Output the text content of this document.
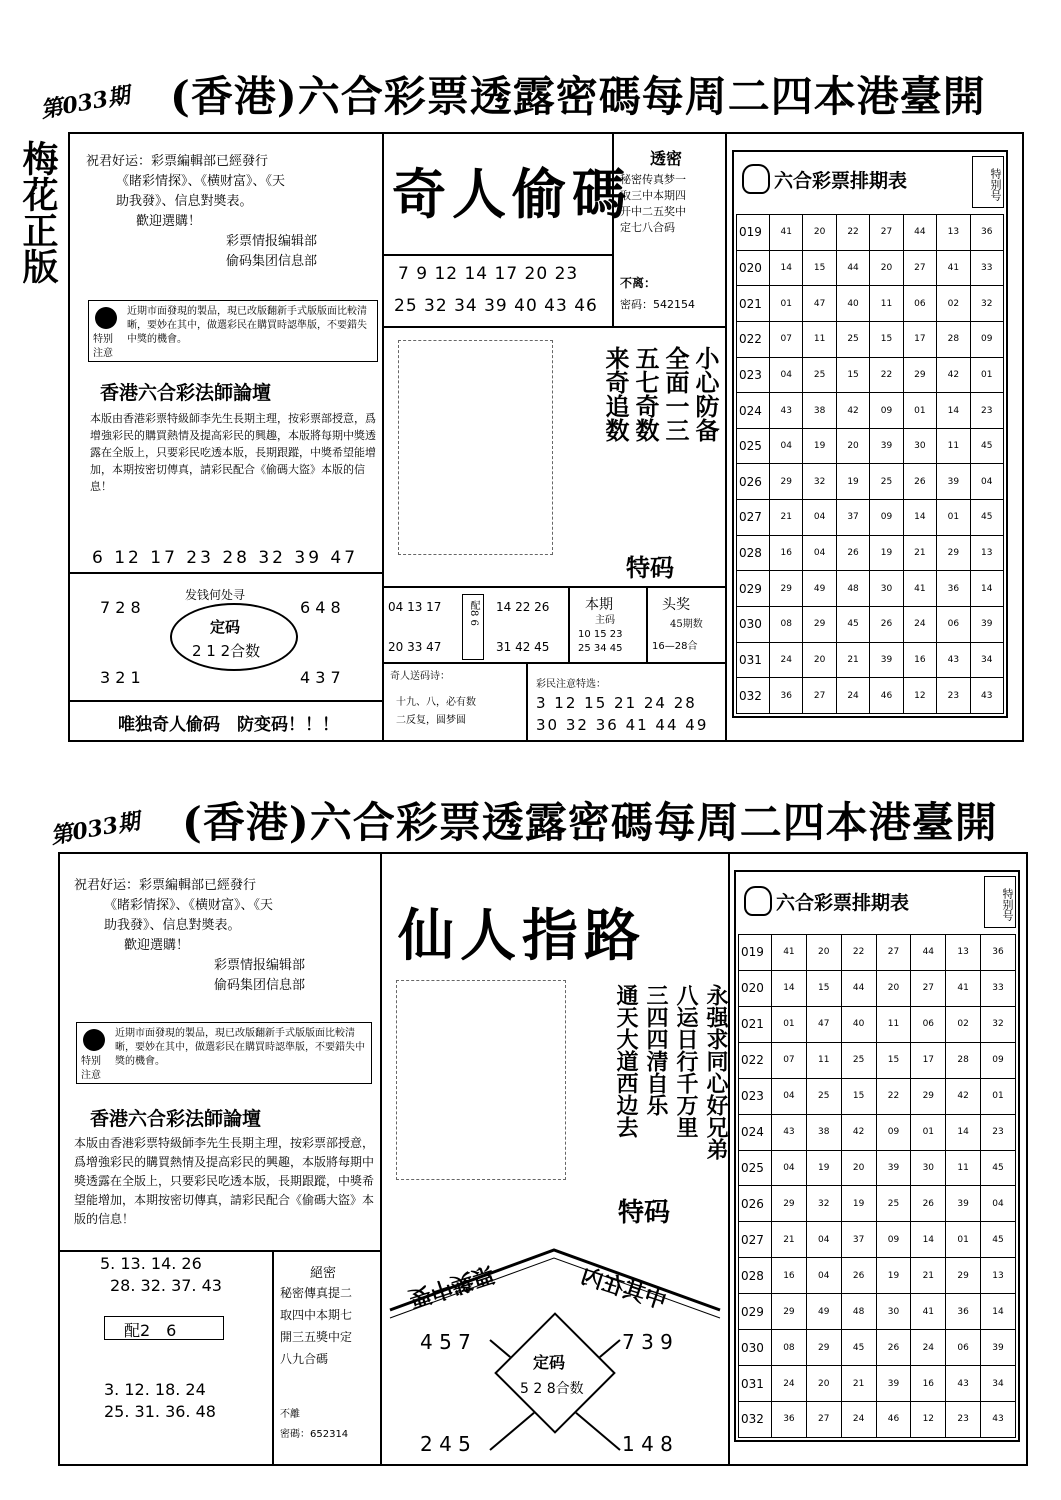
第033期 (香港)六合彩票透露密碼每周二四本港臺開
梅花正版 祝君好运：彩票編輯部已經發行
《睹彩情探》、《横财富》、《天
助我發》、信息對奬表。
歡迎選購！
彩票情报编辑部
偷码集团信息部
特别
注意
近期市面發現的製品，現已改版翻新手式版版面比較清晰，要妙在其中，做選彩民在購買時認準版，不要錯失中獎的機會。
香港六合彩法師論壇
本版由香港彩票特級師李先生長期主理，按彩票部授意，爲增強彩民的購買熱情及提高彩民的興趣，本版將每期中獎透露在全版上，只要彩民吃透本版，長期跟蹤，中獎希望能增加，本期按密切傳真，請彩民配合《偷碼大盜》本版的信息！
6 12 17 23 28 32 39 47
发钱何处寻
7 2 8	6 4 8
3 2 1	4 3 7
定码
2 1 2合数
唯独奇人偷码　防变码！！！
奇人偷碼
7 9 12 14 17 20 23
25 32 34 39 40 43 46
透密
秘密传真梦一
取三中本期四
开中二五奖中
定七八合码
不离：
密码：542154
小心防备
全面一三
五七奇数
来奇追数
特码
04 13 17
20 33 47
配8 6 14 22 26
31 42 45
本期
主码
10 15 23
25 34 45
头奖
45期数
16—28合
奇人送码诗：
十九、八，必有数
二反复，圆梦圆
彩民注意特选：
3 12 15 21 24 28
30 32 36 41 44 49
六合彩票排期表	特别号
019	41	20	22	27	44	13	36
020	14	15	44	20	27	41	33
021	01	47	40	11	06	02	32
022	07	11	25	15	17	28	09
023	04	25	15	22	29	42	01
024	43	38	42	09	01	14	23
025	04	19	20	39	30	11	45
026	29	32	19	25	26	39	04
027	21	04	37	09	14	01	45
028	16	04	26	19	21	29	13
029	29	49	48	30	41	36	14
030	08	29	45	26	24	06	39
031	24	20	21	39	16	43	34
032	36	27	24	46	12	23	43
第033期 (香港)六合彩票透露密碼每周二四本港臺開
祝君好运：彩票編輯部已經發行
《睹彩情探》、《横财富》、《天
助我發》、信息對奬表。
歡迎選購！
彩票情报编辑部
偷码集团信息部
特别
注意
近期市面發現的製品，現已改版翻新手式版版面比較清晰，要妙在其中，做選彩民在購買時認準版，不要錯失中獎的機會。
香港六合彩法師論壇
本版由香港彩票特級師李先生長期主理，按彩票部授意，爲增強彩民的購買熱情及提高彩民的興趣，本版將每期中獎透露在全版上，只要彩民吃透本版，長期跟蹤，中獎希望能增加，本期按密切傳真，請彩民配合《偷碼大盜》本版的信息！
5. 13. 14. 26
28. 32. 37. 43
配2　6
3. 12. 18. 24
25. 31. 36. 48
絕密
秘密傳真提二
取四中本期七
開三五獎中定
八九合碼
不離
密碼：652314
仙人指路
永强求同心好兄弟
八运日行千万里
三四四清自乐
通天大道西边去
特码
要中獎票	中其在內
4 5 7	7 3 9
2 4 5	1 4 8
定码
5 2 8合数
六合彩票排期表	特别号
019	41	20	22	27	44	13	36
020	14	15	44	20	27	41	33
021	01	47	40	11	06	02	32
022	07	11	25	15	17	28	09
023	04	25	15	22	29	42	01
024	43	38	42	09	01	14	23
025	04	19	20	39	30	11	45
026	29	32	19	25	26	39	04
027	21	04	37	09	14	01	45
028	16	04	26	19	21	29	13
029	29	49	48	30	41	36	14
030	08	29	45	26	24	06	39
031	24	20	21	39	16	43	34
032	36	27	24	46	12	23	43
